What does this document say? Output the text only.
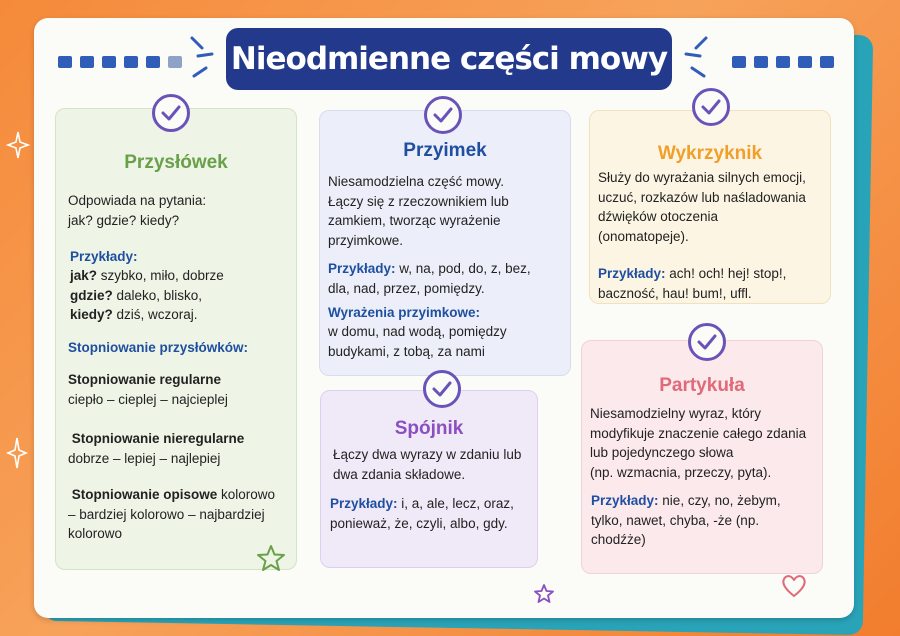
Nieodmienne części mowy
Przysłówek

Odpowiada na pytania:
jak? gdzie? kiedy?

Przykłady:

jak? szybko, miło, dobrze
gdzie? daleko, blisko,
kiedy? dziś, wczoraj.

Stopniowanie przysłówków:

Stopniowanie regularne
ciepło – cieplej – najcieplej

Stopniowanie nieregularne
dobrze – lepiej – najlepiej

Stopniowanie opisowe kolorowo
– bardziej kolorowo – najbardziej
kolorowo

Przyimek

Niesamodzielna część mowy.
Łączy się z rzeczownikiem lub
zamkiem, tworząc wyrażenie
przyimkowe.

Przykłady: w, na, pod, do, z, bez,
dla, nad, przez, pomiędzy.

Wyrażenia przyimkowe:

w domu, nad wodą, pomiędzy
budykami, z tobą, za nami

Wykrzyknik

Służy do wyrażania silnych emocji,
uczuć, rozkazów lub naśladowania
dźwięków otoczenia
(onomatopeje).

Przykłady: ach! och! hej! stop!,
baczność, hau! bum!, uffl.

Spójnik

Łączy dwa wyrazy w zdaniu lub
dwa zdania składowe.

Przykłady: i, a, ale, lecz, oraz,
ponieważ, że, czyli, albo, gdy.

Partykuła

Niesamodzielny wyraz, który
modyfikuje znaczenie całego zdania
lub pojedynczego słowa
(np. wzmacnia, przeczy, pyta).

Przykłady: nie, czy, no, żebym,
tylko, nawet, chyba, -że (np.
chodźże)
